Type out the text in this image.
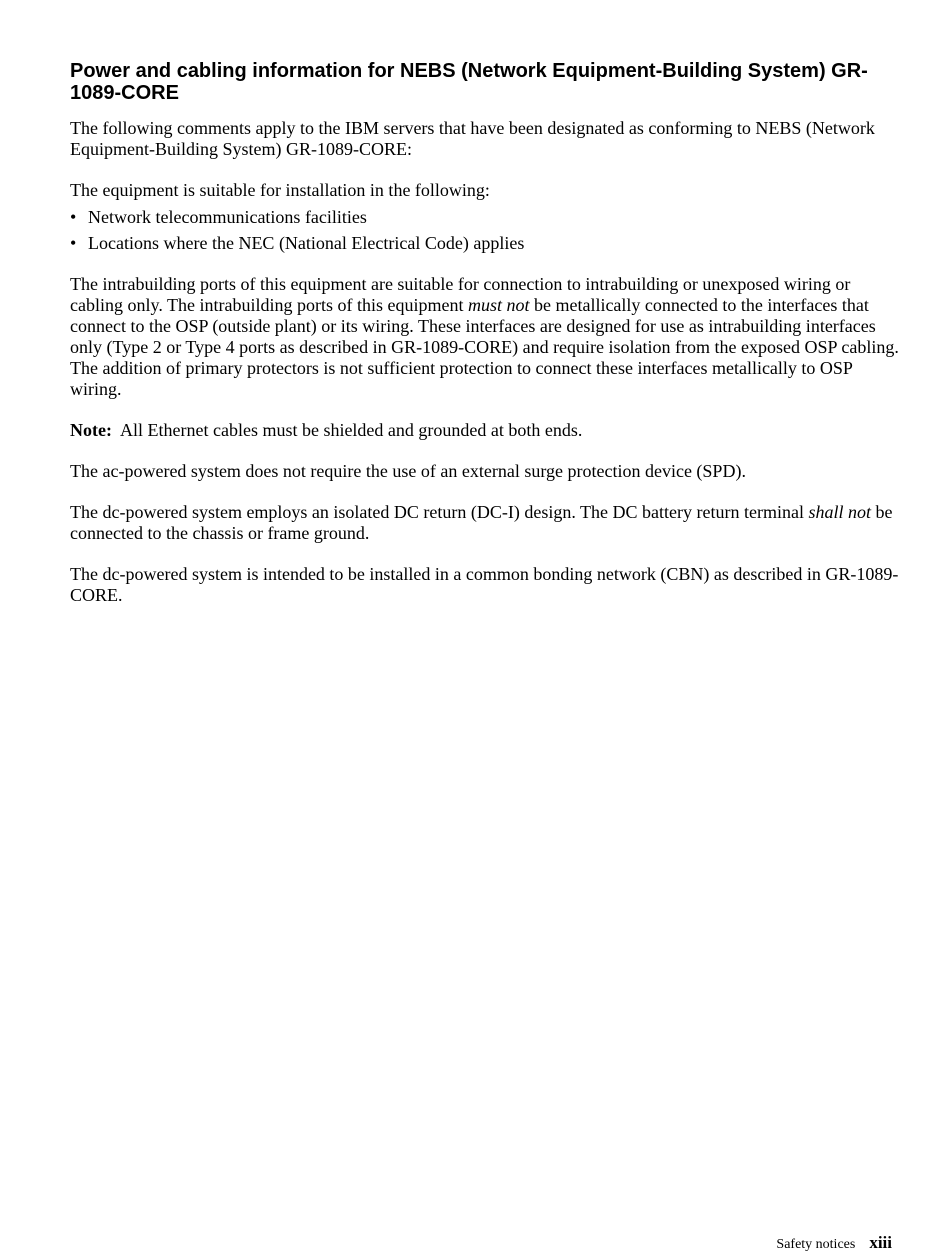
Power and cabling information for NEBS (Network Equipment-Building System) GR-1089-CORE

The following comments apply to the IBM servers that have been designated as conforming to NEBS (Network Equipment-Building System) GR-1089-CORE:

The equipment is suitable for installation in the following:

• Network telecommunications facilities
• Locations where the NEC (National Electrical Code) applies

The intrabuilding ports of this equipment are suitable for connection to intrabuilding or unexposed wiring or cabling only. The intrabuilding ports of this equipment must not be metallically connected to the interfaces that connect to the OSP (outside plant) or its wiring. These interfaces are designed for use as intrabuilding interfaces only (Type 2 or Type 4 ports as described in GR-1089-CORE) and require isolation from the exposed OSP cabling. The addition of primary protectors is not sufficient protection to connect these interfaces metallically to OSP wiring.

Note: All Ethernet cables must be shielded and grounded at both ends.

The ac-powered system does not require the use of an external surge protection device (SPD).

The dc-powered system employs an isolated DC return (DC-I) design. The DC battery return terminal shall not be connected to the chassis or frame ground.

The dc-powered system is intended to be installed in a common bonding network (CBN) as described in GR-1089-CORE.

Safety notices xiii
